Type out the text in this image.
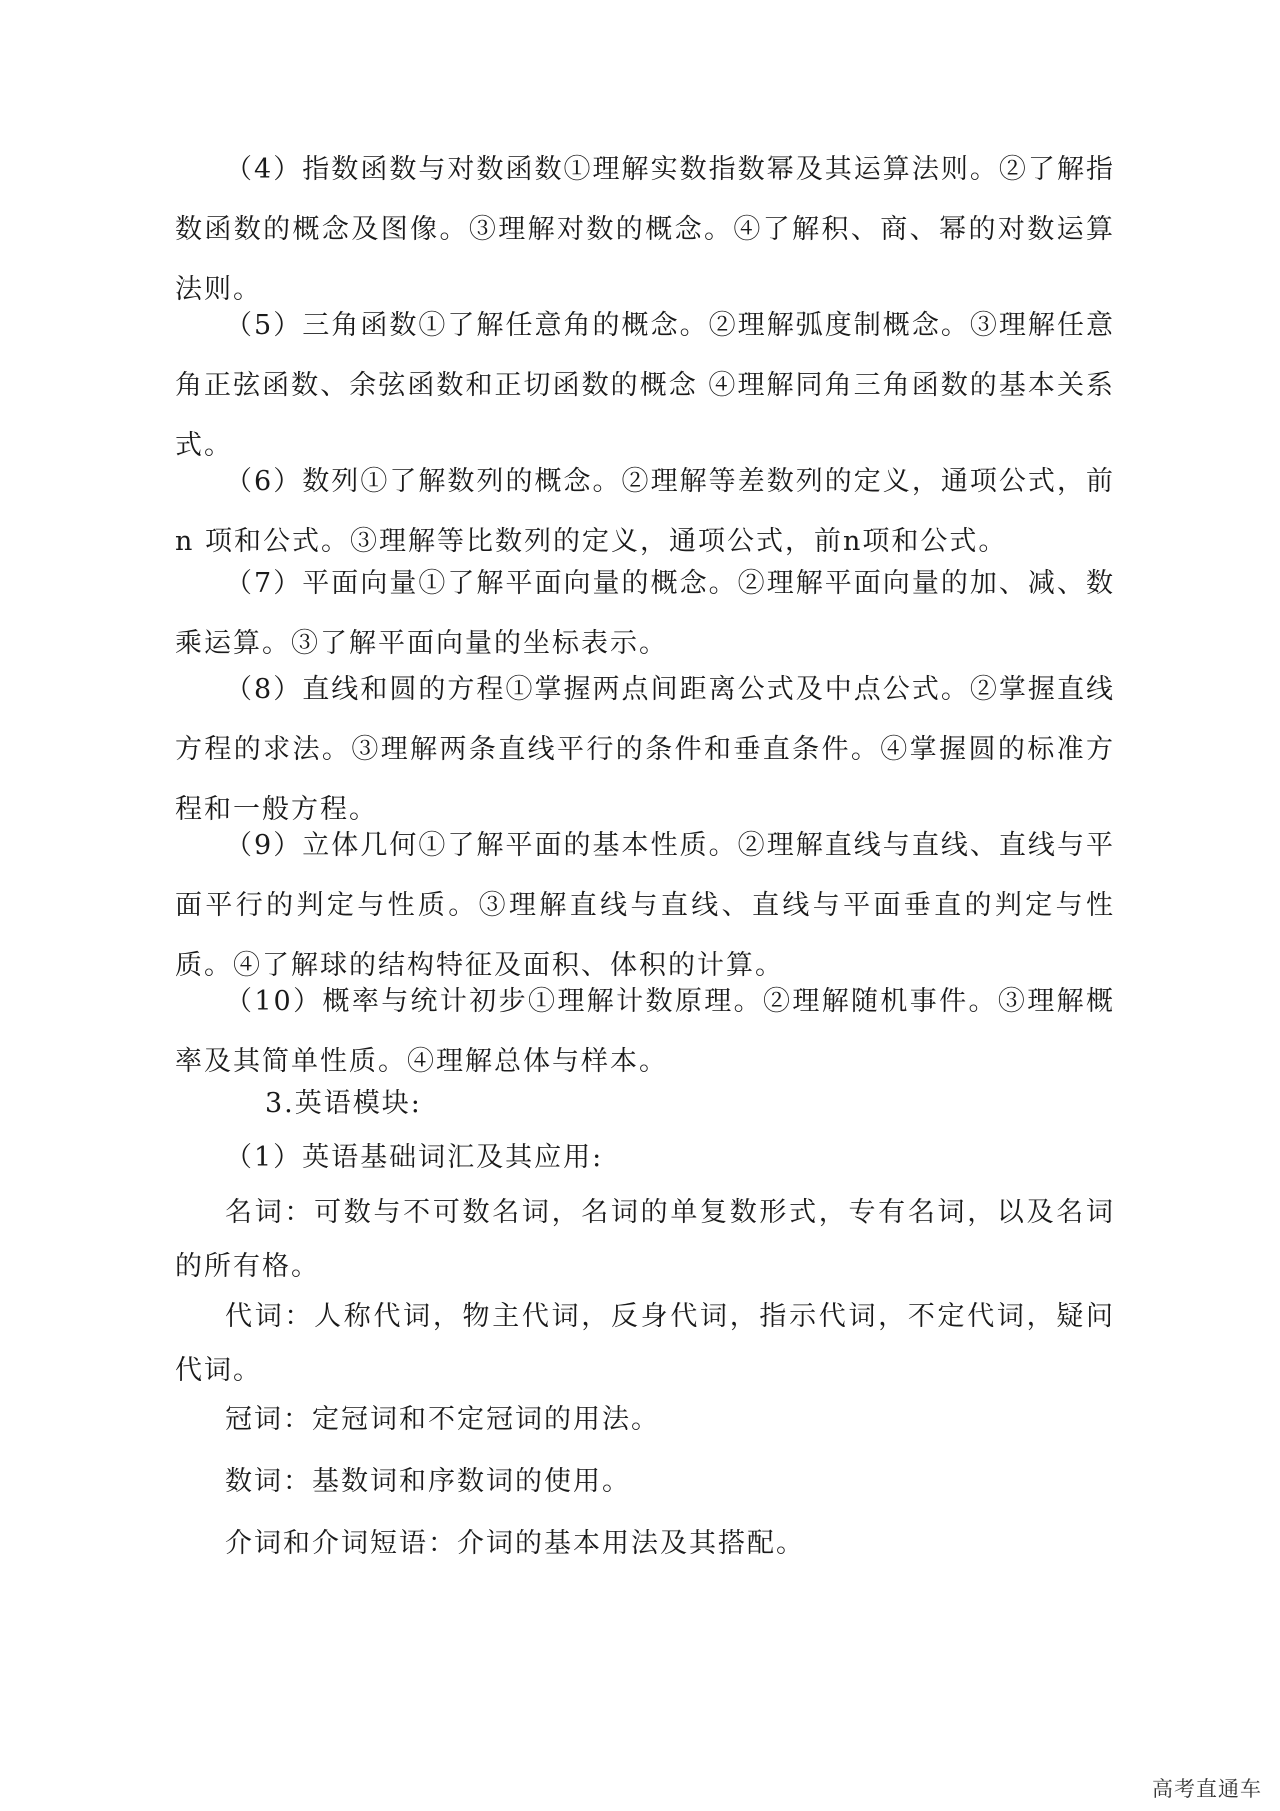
（4）指数函数与对数函数①理解实数指数幂及其运算法则。②了解指数函数的概念及图像。③理解对数的概念。④了解积、商、幂的对数运算法则。

（5）三角函数①了解任意角的概念。②理解弧度制概念。③理解任意角正弦函数、余弦函数和正切函数的概念 ④理解同角三角函数的基本关系式。

（6）数列①了解数列的概念。②理解等差数列的定义，通项公式，前 n 项和公式。③理解等比数列的定义，通项公式，前n项和公式。

（7）平面向量①了解平面向量的概念。②理解平面向量的加、减、数乘运算。③了解平面向量的坐标表示。

（8）直线和圆的方程①掌握两点间距离公式及中点公式。②掌握直线方程的求法。③理解两条直线平行的条件和垂直条件。④掌握圆的标准方程和一般方程。

（9）立体几何①了解平面的基本性质。②理解直线与直线、直线与平面平行的判定与性质。③理解直线与直线、直线与平面垂直的判定与性质。④了解球的结构特征及面积、体积的计算。

（10）概率与统计初步①理解计数原理。②理解随机事件。③理解概率及其简单性质。④理解总体与样本。

3.英语模块:

（1）英语基础词汇及其应用:

名词：可数与不可数名词，名词的单复数形式，专有名词，以及名词的所有格。

代词：人称代词，物主代词，反身代词，指示代词，不定代词，疑问代词。

冠词：定冠词和不定冠词的用法。

数词：基数词和序数词的使用。

介词和介词短语：介词的基本用法及其搭配。

高考直通车
